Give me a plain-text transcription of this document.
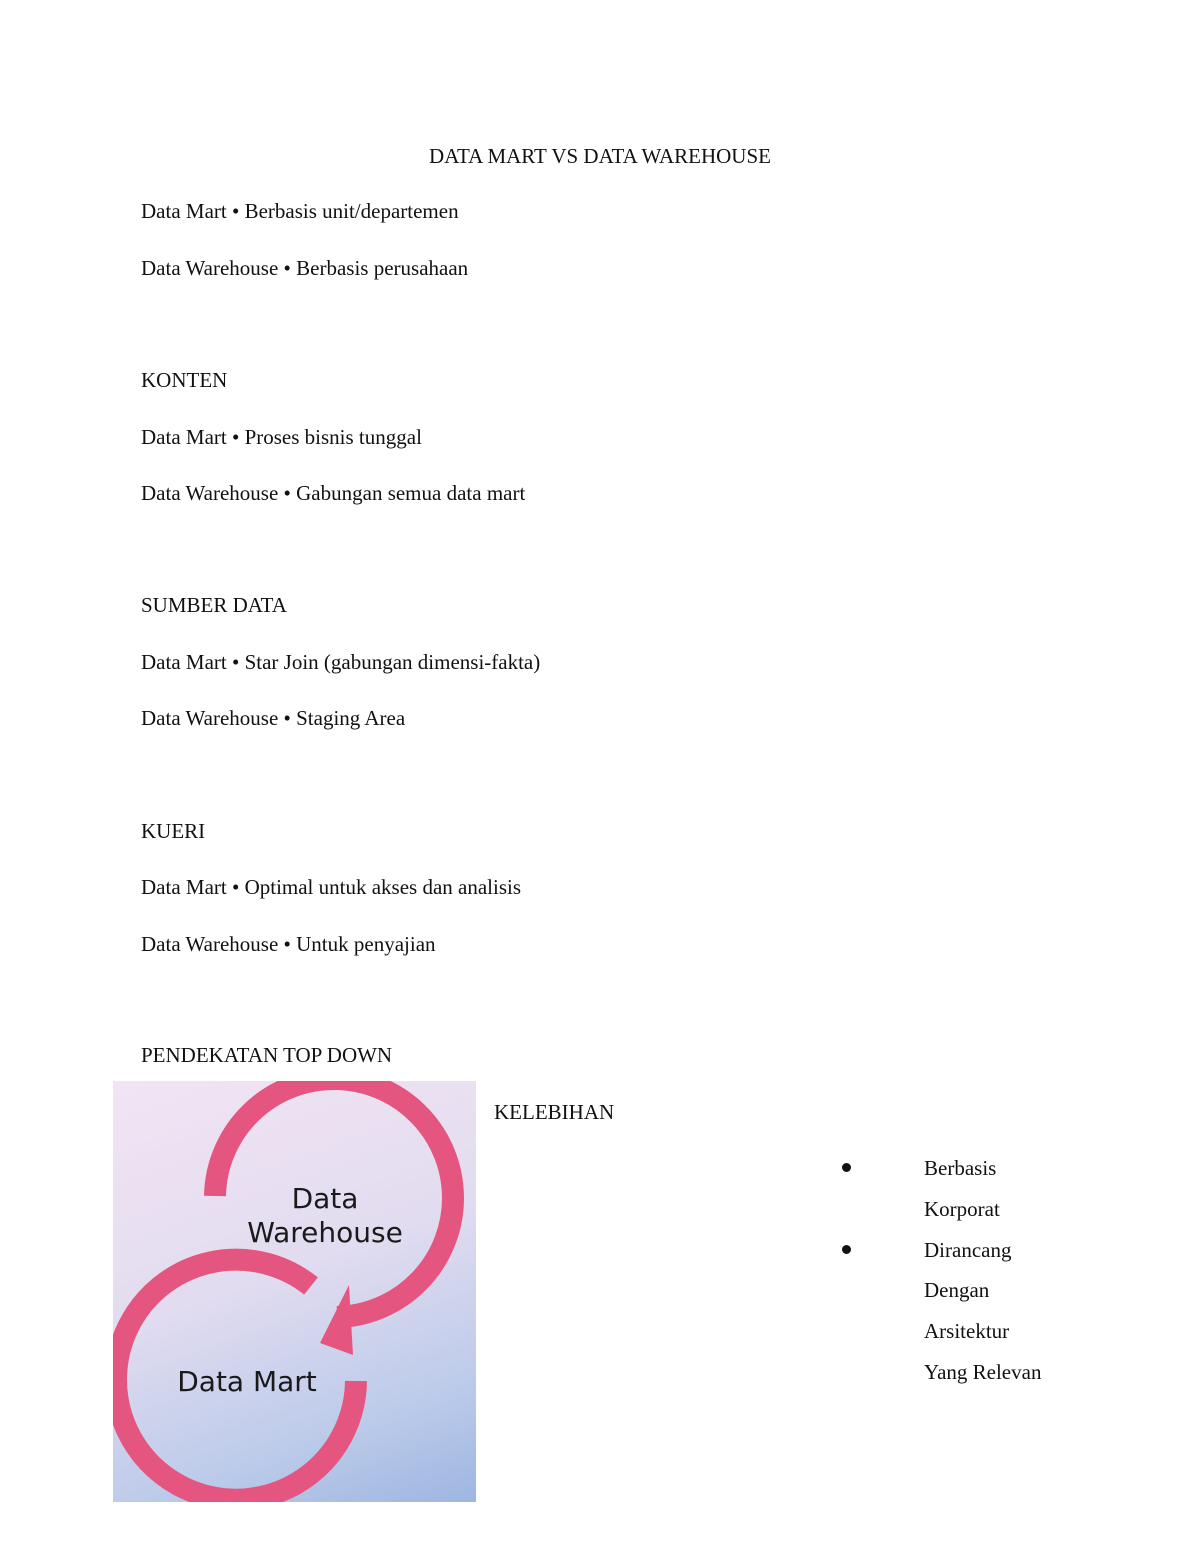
DATA MART VS DATA WAREHOUSE
Data Mart • Berbasis unit/departemen
Data Warehouse • Berbasis perusahaan
KONTEN
Data Mart • Proses bisnis tunggal
Data Warehouse • Gabungan semua data mart
SUMBER DATA
Data Mart • Star Join (gabungan dimensi-fakta)
Data Warehouse • Staging Area
KUERI
Data Mart • Optimal untuk akses dan analisis
Data Warehouse • Untuk penyajian
PENDEKATAN TOP DOWN
Data
Warehouse
Data Mart
KELEBIHAN
Berbasis
Korporat
Dirancang
Dengan
Arsitektur
Yang Relevan
